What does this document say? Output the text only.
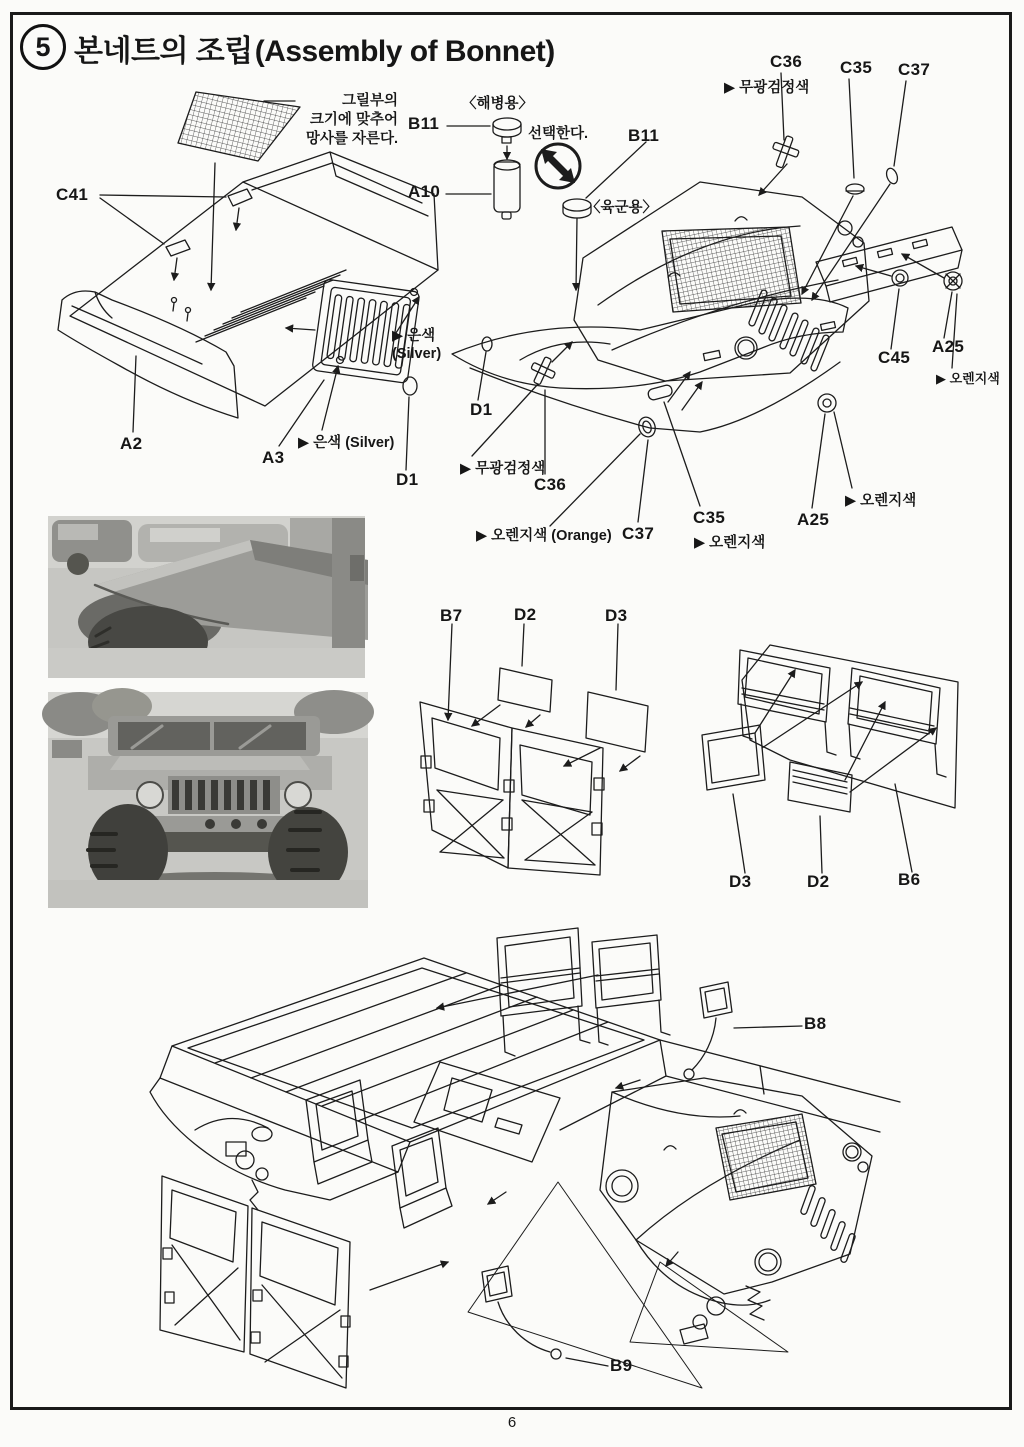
5 본네트의 조립(Assembly of Bonnet)
그릴부의
크기에 맞추어
망사를 자른다.
C41
A2
A3
▶ 은색
(Silver)
▶ 은색 (Silver)
D1
B11
〈해병용〉
A10
선택한다. B11
〈육군용〉
C36
▶ 무광검정색
C35 C37
C45
A25
▶ 오렌지색
D1
▶ 무광검정색
C36
▶ 오렌지색 (Orange) C37
C35
▶ 오렌지색
A25
▶ 오렌지색
B7	D2	D3
D3	D2	B6
B8
B9
6
